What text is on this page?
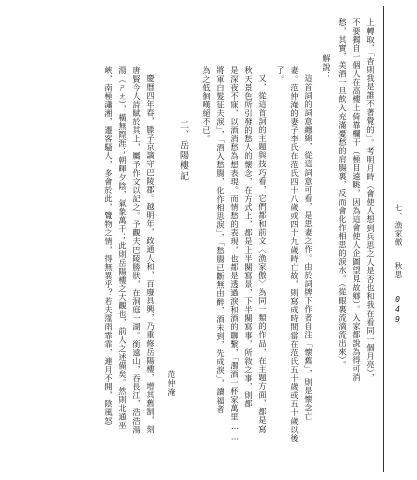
七、漁家傲
秋思
049
上轉取，「杳則我是誰不著覺的」。考明月時（會使人想到兵思之人是否也和我在看同一個月亮），
不要獨自一個人在高樓上倚靠欄干（極目遠眺，因為這會使人企圖望見故鄉）。入家都說為得可消
愁，其實，美酒一旦飲入充滿憂愁的肩腸裏，反而會化作相思的淚水。（從眼裏流滴流出來）。
解說：
這首詞的詞意纏綿，從這詞意可看，是思妻之作。由於詞牌下作者自注「懷舊」，則是懷念亡
妻。范仲淹的妻子李氏在范氏四十八歲或四十九歲時亡故，則寫成時間當在范氏五十歲或五十歲以後
了。
又，從這首詞的主題與技巧看，它們都和前文〈漁家傲〉為同一類的作品，在主題方面，都是寫
秋天景色所引發的愁人的懷念，在方式上，都是上半闋寫景，下半闋寫事，所敘之事，則都
是深夜不寐，以酒消愁為想表現。而情愁的表現，也都是透過淚和酒的聯繫，「濁酒一杯家萬里……
將軍白髮征夫淚」，「酒入愁腸，化作相思淚」，「愁腸已斷無由醉，酒未到，先成淚」，讀福者
為之低徊嘆絕不已。
二、岳陽樓記
范仲淹
慶曆四年春，滕子京謫守巴陵郡。越明年，政通人和，百廢具興，乃重修岳陽樓，增其舊制，刻
唐賢今人詩賦於其上，屬予作文以記之。予觀夫巴陵勝狀，在洞庭一湖。銜遠山，吞長江，浩浩湯
湯（ㄕㄤ），橫無際涯；朝暉夕陰，氣象萬千；此則岳陽樓之大觀也，前人之述備矣。然則北通巫
峽，南極瀟湘，遷客騷人，多會於此，覽物之情，得無異乎？若夫霪雨霏霏，連月不開，陰風怒
